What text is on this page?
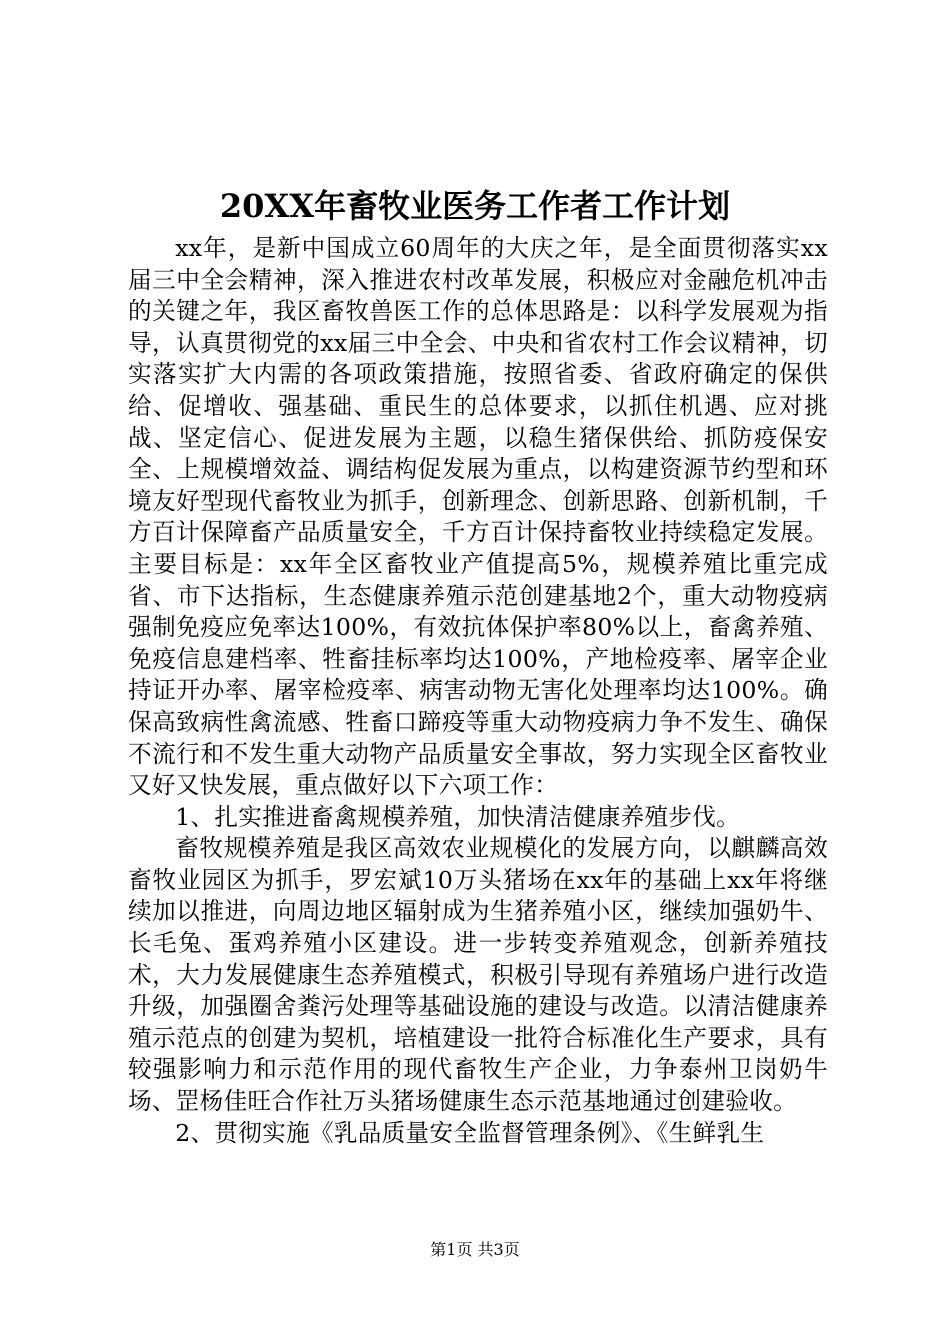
20XX年畜牧业医务工作者工作计划

xx年，是新中国成立60周年的大庆之年，是全面贯彻落实xx届三中全会精神，深入推进农村改革发展，积极应对金融危机冲击的关键之年，我区畜牧兽医工作的总体思路是：以科学发展观为指导，认真贯彻党的xx届三中全会、中央和省农村工作会议精神，切实落实扩大内需的各项政策措施，按照省委、省政府确定的保供给、促增收、强基础、重民生的总体要求，以抓住机遇、应对挑战、坚定信心、促进发展为主题，以稳生猪保供给、抓防疫保安全、上规模增效益、调结构促发展为重点，以构建资源节约型和环境友好型现代畜牧业为抓手，创新理念、创新思路、创新机制，千方百计保障畜产品质量安全，千方百计保持畜牧业持续稳定发展。主要目标是：xx年全区畜牧业产值提高5%，规模养殖比重完成省、市下达指标，生态健康养殖示范创建基地2个，重大动物疫病强制免疫应免率达100%，有效抗体保护率80%以上，畜禽养殖、免疫信息建档率、牲畜挂标率均达100%，产地检疫率、屠宰企业持证开办率、屠宰检疫率、病害动物无害化处理率均达100%。确保高致病性禽流感、牲畜口蹄疫等重大动物疫病力争不发生、确保不流行和不发生重大动物产品质量安全事故，努力实现全区畜牧业又好又快发展，重点做好以下六项工作：

1、扎实推进畜禽规模养殖，加快清洁健康养殖步伐。

畜牧规模养殖是我区高效农业规模化的发展方向，以麒麟高效畜牧业园区为抓手，罗宏斌10万头猪场在xx年的基础上xx年将继续加以推进，向周边地区辐射成为生猪养殖小区，继续加强奶牛、长毛兔、蛋鸡养殖小区建设。进一步转变养殖观念，创新养殖技术，大力发展健康生态养殖模式，积极引导现有养殖场户进行改造升级，加强圈舍粪污处理等基础设施的建设与改造。以清洁健康养殖示范点的创建为契机，培植建设一批符合标准化生产要求，具有较强影响力和示范作用的现代畜牧生产企业，力争泰州卫岗奶牛场、罡杨佳旺合作社万头猪场健康生态示范基地通过创建验收。

2、贯彻实施《乳品质量安全监督管理条例》、《生鲜乳生

第1页 共3页
